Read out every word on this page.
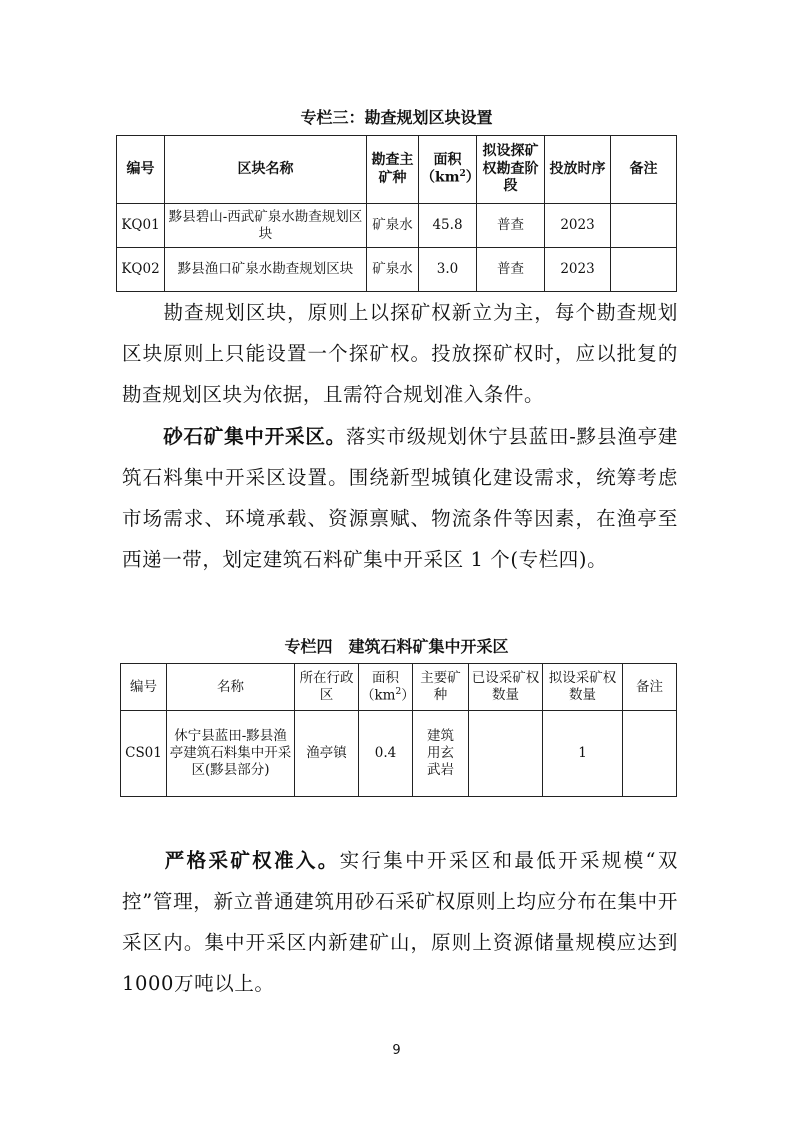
专栏三：勘查规划区块设置
编号	区块名称	勘查主矿种	面积$(km^2)$	拟设探矿权勘查阶段	投放时序	备注
KQ01	黟县碧山-西武矿泉水勘查规划区块	矿泉水	45.8	普查	2023	
KQ02	黟县渔口矿泉水勘查规划区块	矿泉水	3.0	普查	2023	

勘查规划区块，原则上以探矿权新立为主，每个勘查规划区块原则上只能设置一个探矿权。投放探矿权时，应以批复的勘查规划区块为依据，且需符合规划准入条件。

砂石矿集中开采区。落实市级规划休宁县蓝田-黟县渔亭建筑石料集中开采区设置。围绕新型城镇化建设需求，统筹考虑市场需求、环境承载、资源禀赋、物流条件等因素，在渔亭至西递一带，划定建筑石料矿集中开采区 1 个(专栏四)。

专栏四　建筑石料矿集中开采区
编号	名称	所在行政区	面积$(km^2)$	主要矿种	已设采矿权数量	拟设采矿权数量	备注
CS01	休宁县蓝田-黟县渔亭建筑石料集中开采区(黟县部分)	渔亭镇	0.4	建筑用玄武岩		1	

严格采矿权准入。实行集中开采区和最低开采规模“双控”管理，新立普通建筑用砂石采矿权原则上均应分布在集中开采区内。集中开采区内新建矿山，原则上资源储量规模应达到1000万吨以上。

9
